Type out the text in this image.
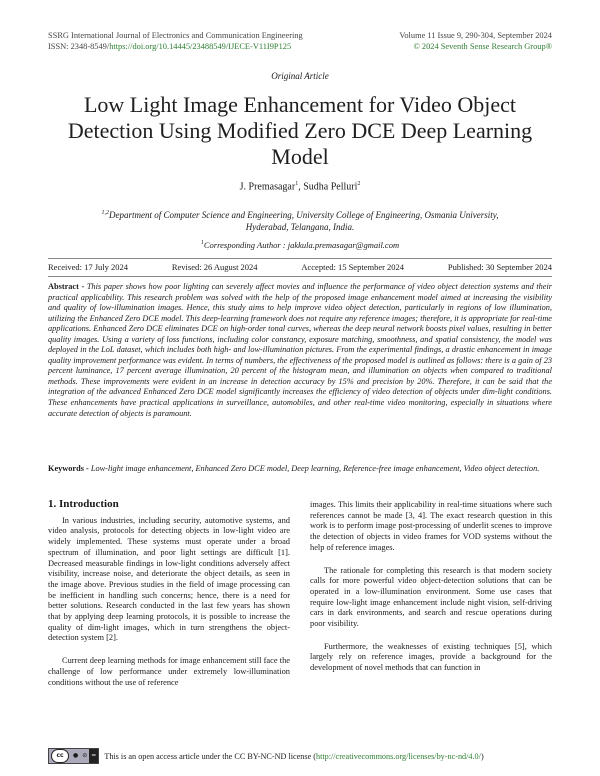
SSRG International Journal of Electronics and Communication Engineering
ISSN: 2348-8549/https://doi.org/10.14445/23488549/IJECE-V11I9P125
Volume 11 Issue 9, 290-304, September 2024
© 2024 Seventh Sense Research Group®
Original Article
Low Light Image Enhancement for Video Object Detection Using Modified Zero DCE Deep Learning Model
J. Premasagar$^1$, Sudha Pelluri$^2$
$^{1,2}$Department of Computer Science and Engineering, University College of Engineering, Osmania University,
Hyderabad, Telangana, India.
$^1$Corresponding Author : jakkula.premasagar@gmail.com
Received: 17 July 2024	Revised: 26 August 2024	Accepted: 15 September 2024	Published: 30 September 2024
Abstract - This paper shows how poor lighting can severely affect movies and influence the performance of video object detection systems and their practical applicability. This research problem was solved with the help of the proposed image enhancement model aimed at increasing the visibility and quality of low-illumination images. Hence, this study aims to help improve video object detection, particularly in regions of low illumination, utilizing the Enhanced Zero DCE model. This deep-learning framework does not require any reference images; therefore, it is appropriate for real-time applications. Enhanced Zero DCE eliminates DCE on high-order tonal curves, whereas the deep neural network boosts pixel values, resulting in better quality images. Using a variety of loss functions, including color constancy, exposure matching, smoothness, and spatial consistency, the model was deployed in the LoL dataset, which includes both high- and low-illumination pictures. From the experimental findings, a drastic enhancement in image quality improvement performance was evident. In terms of numbers, the effectiveness of the proposed model is outlined as follows: there is a gain of 23 percent luminance, 17 percent average illumination, 20 percent of the histogram mean, and illumination on objects when compared to traditional methods. These improvements were evident in an increase in detection accuracy by 15% and precision by 20%. Therefore, it can be said that the integration of the advanced Enhanced Zero DCE model significantly increases the efficiency of video detection of objects under dim-light conditions. These enhancements have practical applications in surveillance, automobiles, and other real-time video monitoring, especially in situations where accurate detection of objects is paramount.
Keywords - Low-light image enhancement, Enhanced Zero DCE model, Deep learning, Reference-free image enhancement, Video object detection.
1. Introduction

In various industries, including security, automotive systems, and video analysis, protocols for detecting objects in low-light video are widely implemented. These systems must operate under a broad spectrum of illumination, and poor light settings are difficult [1]. Decreased measurable findings in low-light conditions adversely affect visibility, increase noise, and deteriorate the object details, as seen in the image above. Previous studies in the field of image processing can be inefficient in handling such concerns; hence, there is a need for better solutions. Research conducted in the last few years has shown that by applying deep learning protocols, it is possible to increase the quality of dim-light images, which in turn strengthens the object-detection system [2].

Current deep learning methods for image enhancement still face the challenge of low performance under extremely low-illumination conditions without the use of reference

images. This limits their applicability in real-time situations where such references cannot be made [3, 4]. The exact research question in this work is to perform image post-processing of underlit scenes to improve the detection of objects in video frames for VOD systems without the help of reference images.

The rationale for completing this research is that modern society calls for more powerful video object-detection solutions that can be operated in a low-illumination environment. Some use cases that require low-light image enhancement include night vision, self-driving cars in dark environments, and search and rescue operations during poor visibility.

Furthermore, the weaknesses of existing techniques [5], which largely rely on reference images, provide a background for the development of novel methods that can function in

cc	● ⊘ = This is an open access article under the CC BY-NC-ND license (http://creativecommons.org/licenses/by-nc-nd/4.0/)
